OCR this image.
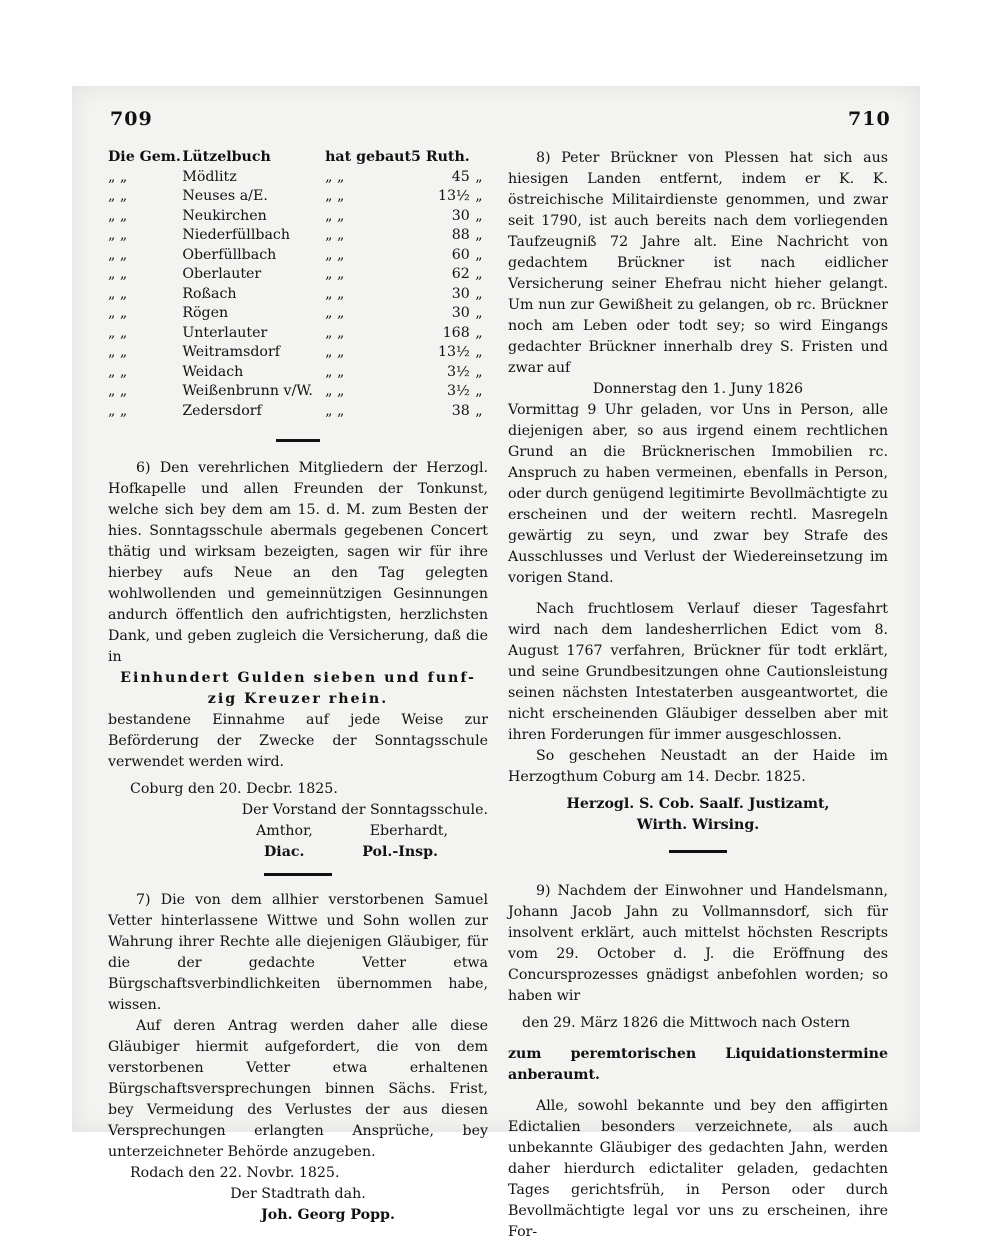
709	710
Die Gem.	Lützelbuch	hat gebaut	5 Ruth.	
„ „	Mödlitz	„ „	45	„
„ „	Neuses a/E.	„ „	13½	„
„ „	Neukirchen	„ „	30	„
„ „	Niederfüllbach	„ „	88	„
„ „	Oberfüllbach	„ „	60	„
„ „	Oberlauter	„ „	62	„
„ „	Roßach	„ „	30	„
„ „	Rögen	„ „	30	„
„ „	Unterlauter	„ „	168	„
„ „	Weitramsdorf	„ „	13½	„
„ „	Weidach	„ „	3½	„
„ „	Weißenbrunn v/W.	„ „	3½	„
„ „	Zedersdorf	„ „	38	„

6) Den verehrlichen Mitgliedern der Herzogl. Hofkapelle und allen Freunden der Tonkunst, welche sich bey dem am 15. d. M. zum Besten der hies. Sonntagsschule abermals gegebenen Concert thätig und wirksam bezeigten, sagen wir für ihre hierbey aufs Neue an den Tag gelegten wohlwollenden und gemeinnützigen Gesinnungen andurch öffentlich den aufrichtigsten, herzlichsten Dank, und geben zugleich die Versicherung, daß die in

Einhundert Gulden sieben und funf-

zig Kreuzer rhein.

bestandene Einnahme auf jede Weise zur Beförderung der Zwecke der Sonntagsschule verwendet werden wird.

Coburg den 20. Decbr. 1825.

Der Vorstand der Sonntagsschule.

Amthor,	Eberhardt,
Diac.	Pol.-Insp.

7) Die von dem allhier verstorbenen Samuel Vetter hinterlassene Wittwe und Sohn wollen zur Wahrung ihrer Rechte alle diejenigen Gläubiger, für die der gedachte Vetter etwa Bürgschaftsverbindlichkeiten übernommen habe, wissen.

Auf deren Antrag werden daher alle diese Gläubiger hiermit aufgefordert, die von dem verstorbenen Vetter etwa erhaltenen Bürgschaftsversprechungen binnen Sächs. Frist, bey Vermeidung des Verlustes der aus diesen Versprechungen erlangten Ansprüche, bey unterzeichneter Behörde anzugeben.

Rodach den 22. Novbr. 1825.

Der Stadtrath dah.

Joh. Georg Popp.

8) Peter Brückner von Plessen hat sich aus hiesigen Landen entfernt, indem er K. K. östreichische Militairdienste genommen, und zwar seit 1790, ist auch bereits nach dem vorliegenden Taufzeugniß 72 Jahre alt. Eine Nachricht von gedachtem Brückner ist nach eidlicher Versicherung seiner Ehefrau nicht hieher gelangt. Um nun zur Gewißheit zu gelangen, ob rc. Brückner noch am Leben oder todt sey; so wird Eingangs gedachter Brückner innerhalb drey S. Fristen und zwar auf

Donnerstag den 1. Juny 1826

Vormittag 9 Uhr geladen, vor Uns in Person, alle diejenigen aber, so aus irgend einem rechtlichen Grund an die Brücknerischen Immobilien rc. Anspruch zu haben vermeinen, ebenfalls in Person, oder durch genügend legitimirte Bevollmächtigte zu erscheinen und der weitern rechtl. Masregeln gewärtig zu seyn, und zwar bey Strafe des Ausschlusses und Verlust der Wiedereinsetzung im vorigen Stand.

Nach fruchtlosem Verlauf dieser Tagesfahrt wird nach dem landesherrlichen Edict vom 8. August 1767 verfahren, Brückner für todt erklärt, und seine Grundbesitzungen ohne Cautionsleistung seinen nächsten Intestaterben ausgeantwortet, die nicht erscheinenden Gläubiger desselben aber mit ihren Forderungen für immer ausgeschlossen.

So geschehen Neustadt an der Haide im Herzogthum Coburg am 14. Decbr. 1825.

Herzogl. S. Cob. Saalf. Justizamt,

Wirth. Wirsing.

9) Nachdem der Einwohner und Handelsmann, Johann Jacob Jahn zu Vollmannsdorf, sich für insolvent erklärt, auch mittelst höchsten Rescripts vom 29. October d. J. die Eröffnung des Concursprozesses gnädigst anbefohlen worden; so haben wir

den 29. März 1826 die Mittwoch nach Ostern

zum peremtorischen Liquidationstermine anberaumt.

Alle, sowohl bekannte und bey den affigirten Edictalien besonders verzeichnete, als auch unbekannte Gläubiger des gedachten Jahn, werden daher hierdurch edictaliter geladen, gedachten Tages gerichtsfrüh, in Person oder durch Bevollmächtigte legal vor uns zu erscheinen, ihre For-
